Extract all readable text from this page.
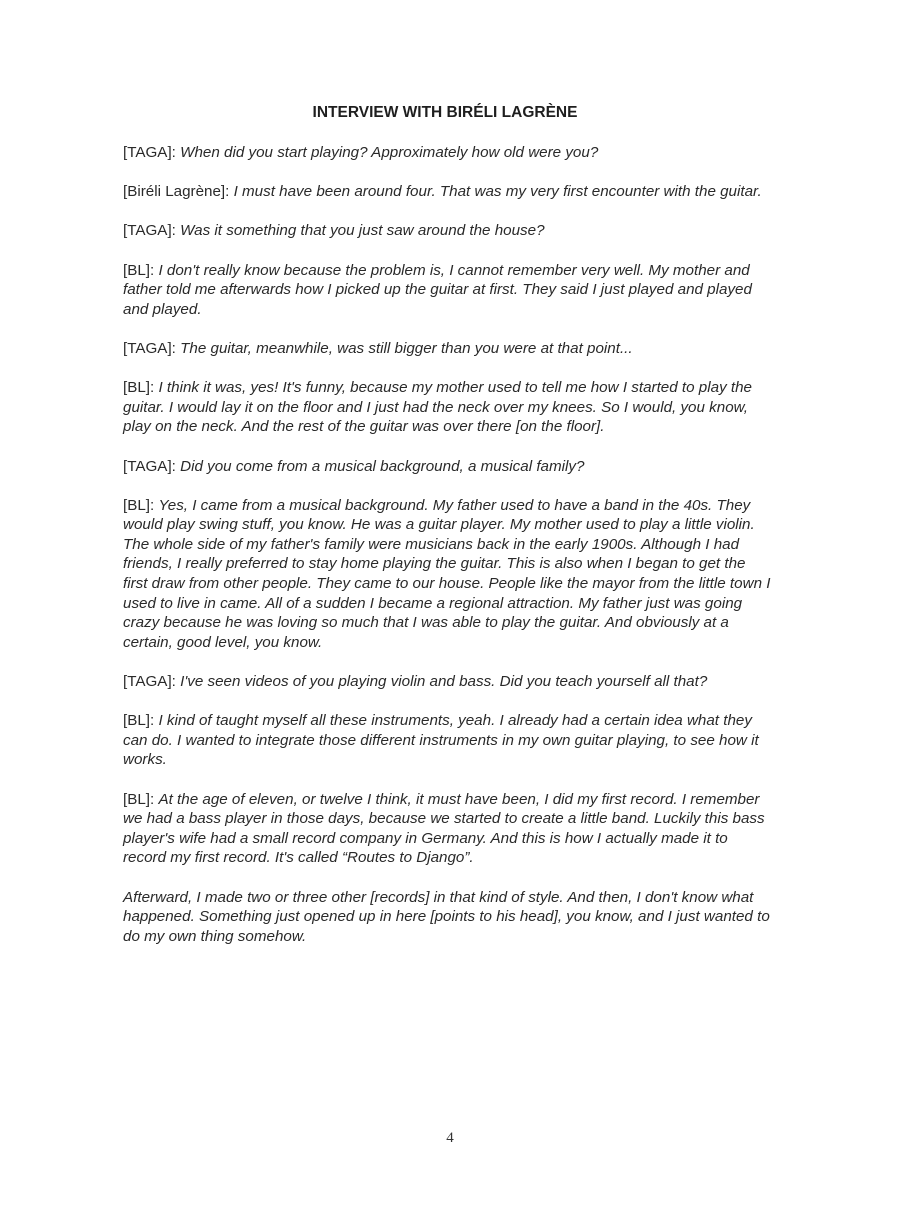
INTERVIEW WITH BIRÉLI LAGRÈNE

[TAGA]: When did you start playing? Approximately how old were you?

[Biréli Lagrène]: I must have been around four. That was my very first encounter with the guitar.

[TAGA]: Was it something that you just saw around the house?

[BL]: I don't really know because the problem is, I cannot remember very well. My mother and father told me afterwards how I picked up the guitar at first. They said I just played and played and played.

[TAGA]: The guitar, meanwhile, was still bigger than you were at that point...

[BL]: I think it was, yes! It's funny, because my mother used to tell me how I started to play the guitar. I would lay it on the floor and I just had the neck over my knees. So I would, you know, play on the neck. And the rest of the guitar was over there [on the floor].

[TAGA]: Did you come from a musical background, a musical family?

[BL]: Yes, I came from a musical background. My father used to have a band in the 40s. They would play swing stuff, you know. He was a guitar player. My mother used to play a little violin. The whole side of my father's family were musicians back in the early 1900s. Although I had friends, I really preferred to stay home playing the guitar. This is also when I began to get the first draw from other people. They came to our house. People like the mayor from the little town I used to live in came. All of a sudden I became a regional attraction. My father just was going crazy because he was loving so much that I was able to play the guitar. And obviously at a certain, good level, you know.

[TAGA]: I've seen videos of you playing violin and bass. Did you teach yourself all that?

[BL]: I kind of taught myself all these instruments, yeah. I already had a certain idea what they can do. I wanted to integrate those different instruments in my own guitar playing, to see how it works.

[BL]: At the age of eleven, or twelve I think, it must have been, I did my first record. I remember we had a bass player in those days, because we started to create a little band. Luckily this bass player's wife had a small record company in Germany. And this is how I actually made it to record my first record. It's called “Routes to Django”.

Afterward, I made two or three other [records] in that kind of style. And then, I don't know what happened. Something just opened up in here [points to his head], you know, and I just wanted to do my own thing somehow.

4
